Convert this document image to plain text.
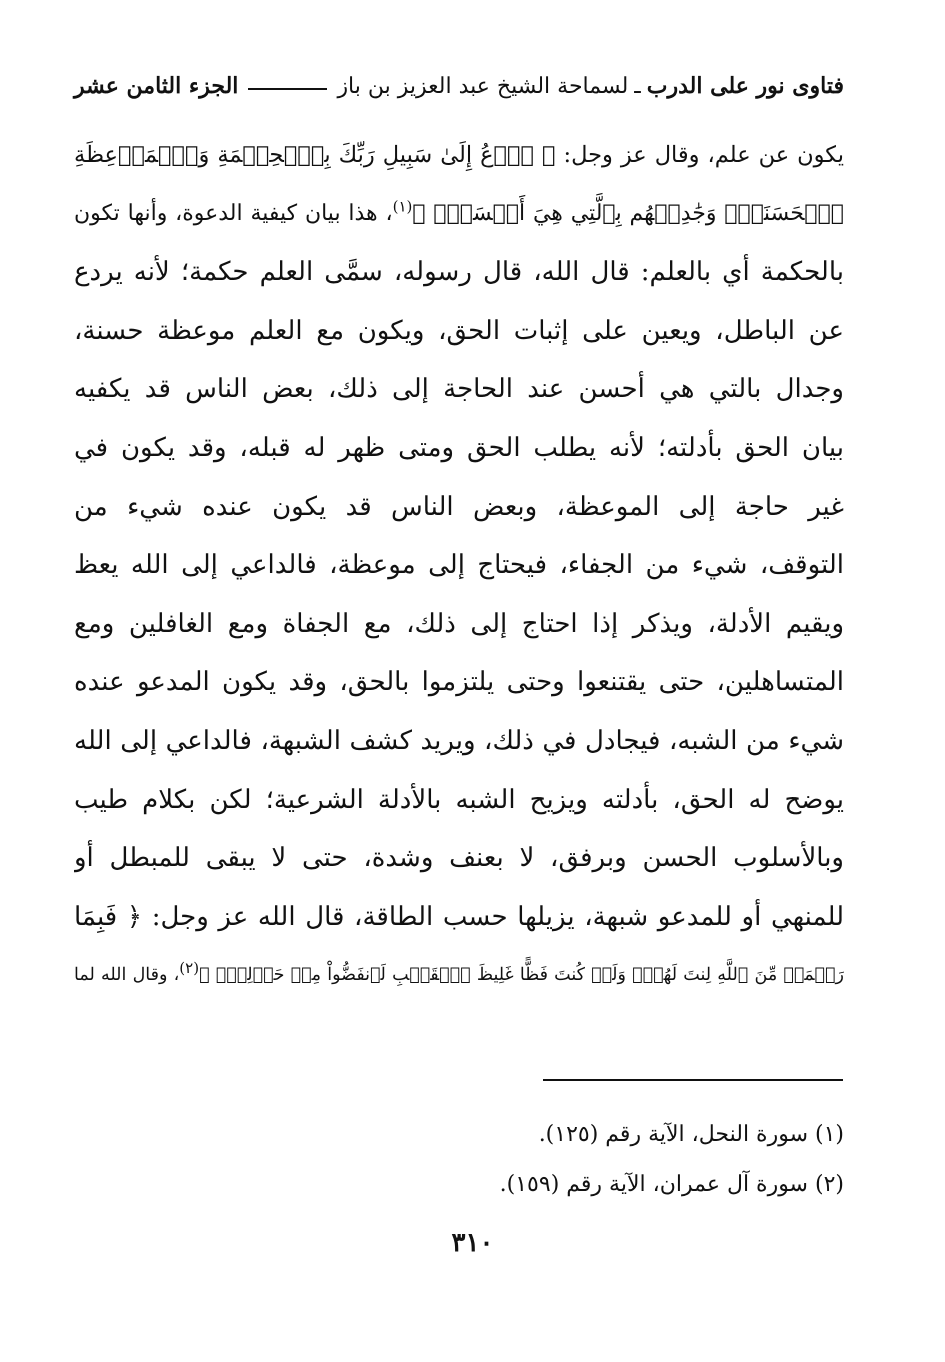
فتاوى نور على الدرب
ـ
لسماحة الشيخ عبد العزيز بن باز
الجزء الثامن عشر
يكون عن علم، وقال عز وجل: ﴿ ٱدۡعُ إِلَىٰ سَبِيلِ رَبِّكَ بِٱلۡحِكۡمَةِ وَٱلۡمَوۡعِظَةِ
ٱلۡحَسَنَةِۖ وَجَٰدِلۡهُم بِٱلَّتِي هِيَ أَحۡسَنُۚ ﴾$^{(١)}$، هذا بيان كيفية الدعوة، وأنها تكون
بالحكمة أي بالعلم: قال الله، قال رسوله، سمَّى العلم حكمة؛ لأنه يردع
عن الباطل، ويعين على إثبات الحق، ويكون مع العلم موعظة حسنة،
وجدال بالتي هي أحسن عند الحاجة إلى ذلك، بعض الناس قد يكفيه
بيان الحق بأدلته؛ لأنه يطلب الحق ومتى ظهر له قبله، وقد يكون في
غير حاجة إلى الموعظة، وبعض الناس قد يكون عنده شيء من
التوقف، شيء من الجفاء، فيحتاج إلى موعظة، فالداعي إلى الله يعظ
ويقيم الأدلة، ويذكر إذا احتاج إلى ذلك، مع الجفاة ومع الغافلين ومع
المتساهلين، حتى يقتنعوا وحتى يلتزموا بالحق، وقد يكون المدعو عنده
شيء من الشبه، فيجادل في ذلك، ويريد كشف الشبهة، فالداعي إلى الله
يوضح له الحق، بأدلته ويزيح الشبه بالأدلة الشرعية؛ لكن بكلام طيب
وبالأسلوب الحسن وبرفق، لا بعنف وشدة، حتى لا يبقى للمبطل أو
للمنهي أو للمدعو شبهة، يزيلها حسب الطاقة، قال الله عز وجل: ﴿ فَبِمَا
رَحۡمَةٖ مِّنَ ٱللَّهِ لِنتَ لَهُمۡۖ وَلَوۡ كُنتَ فَظًّا غَلِيظَ ٱلۡقَلۡبِ لَٱنفَضُّواْ مِنۡ حَوۡلِكَۖ ﴾(٢)، وقال الله لما
(١) سورة النحل، الآية رقم (١٢٥).
(٢) سورة آل عمران، الآية رقم (١٥٩).
٣١٠
